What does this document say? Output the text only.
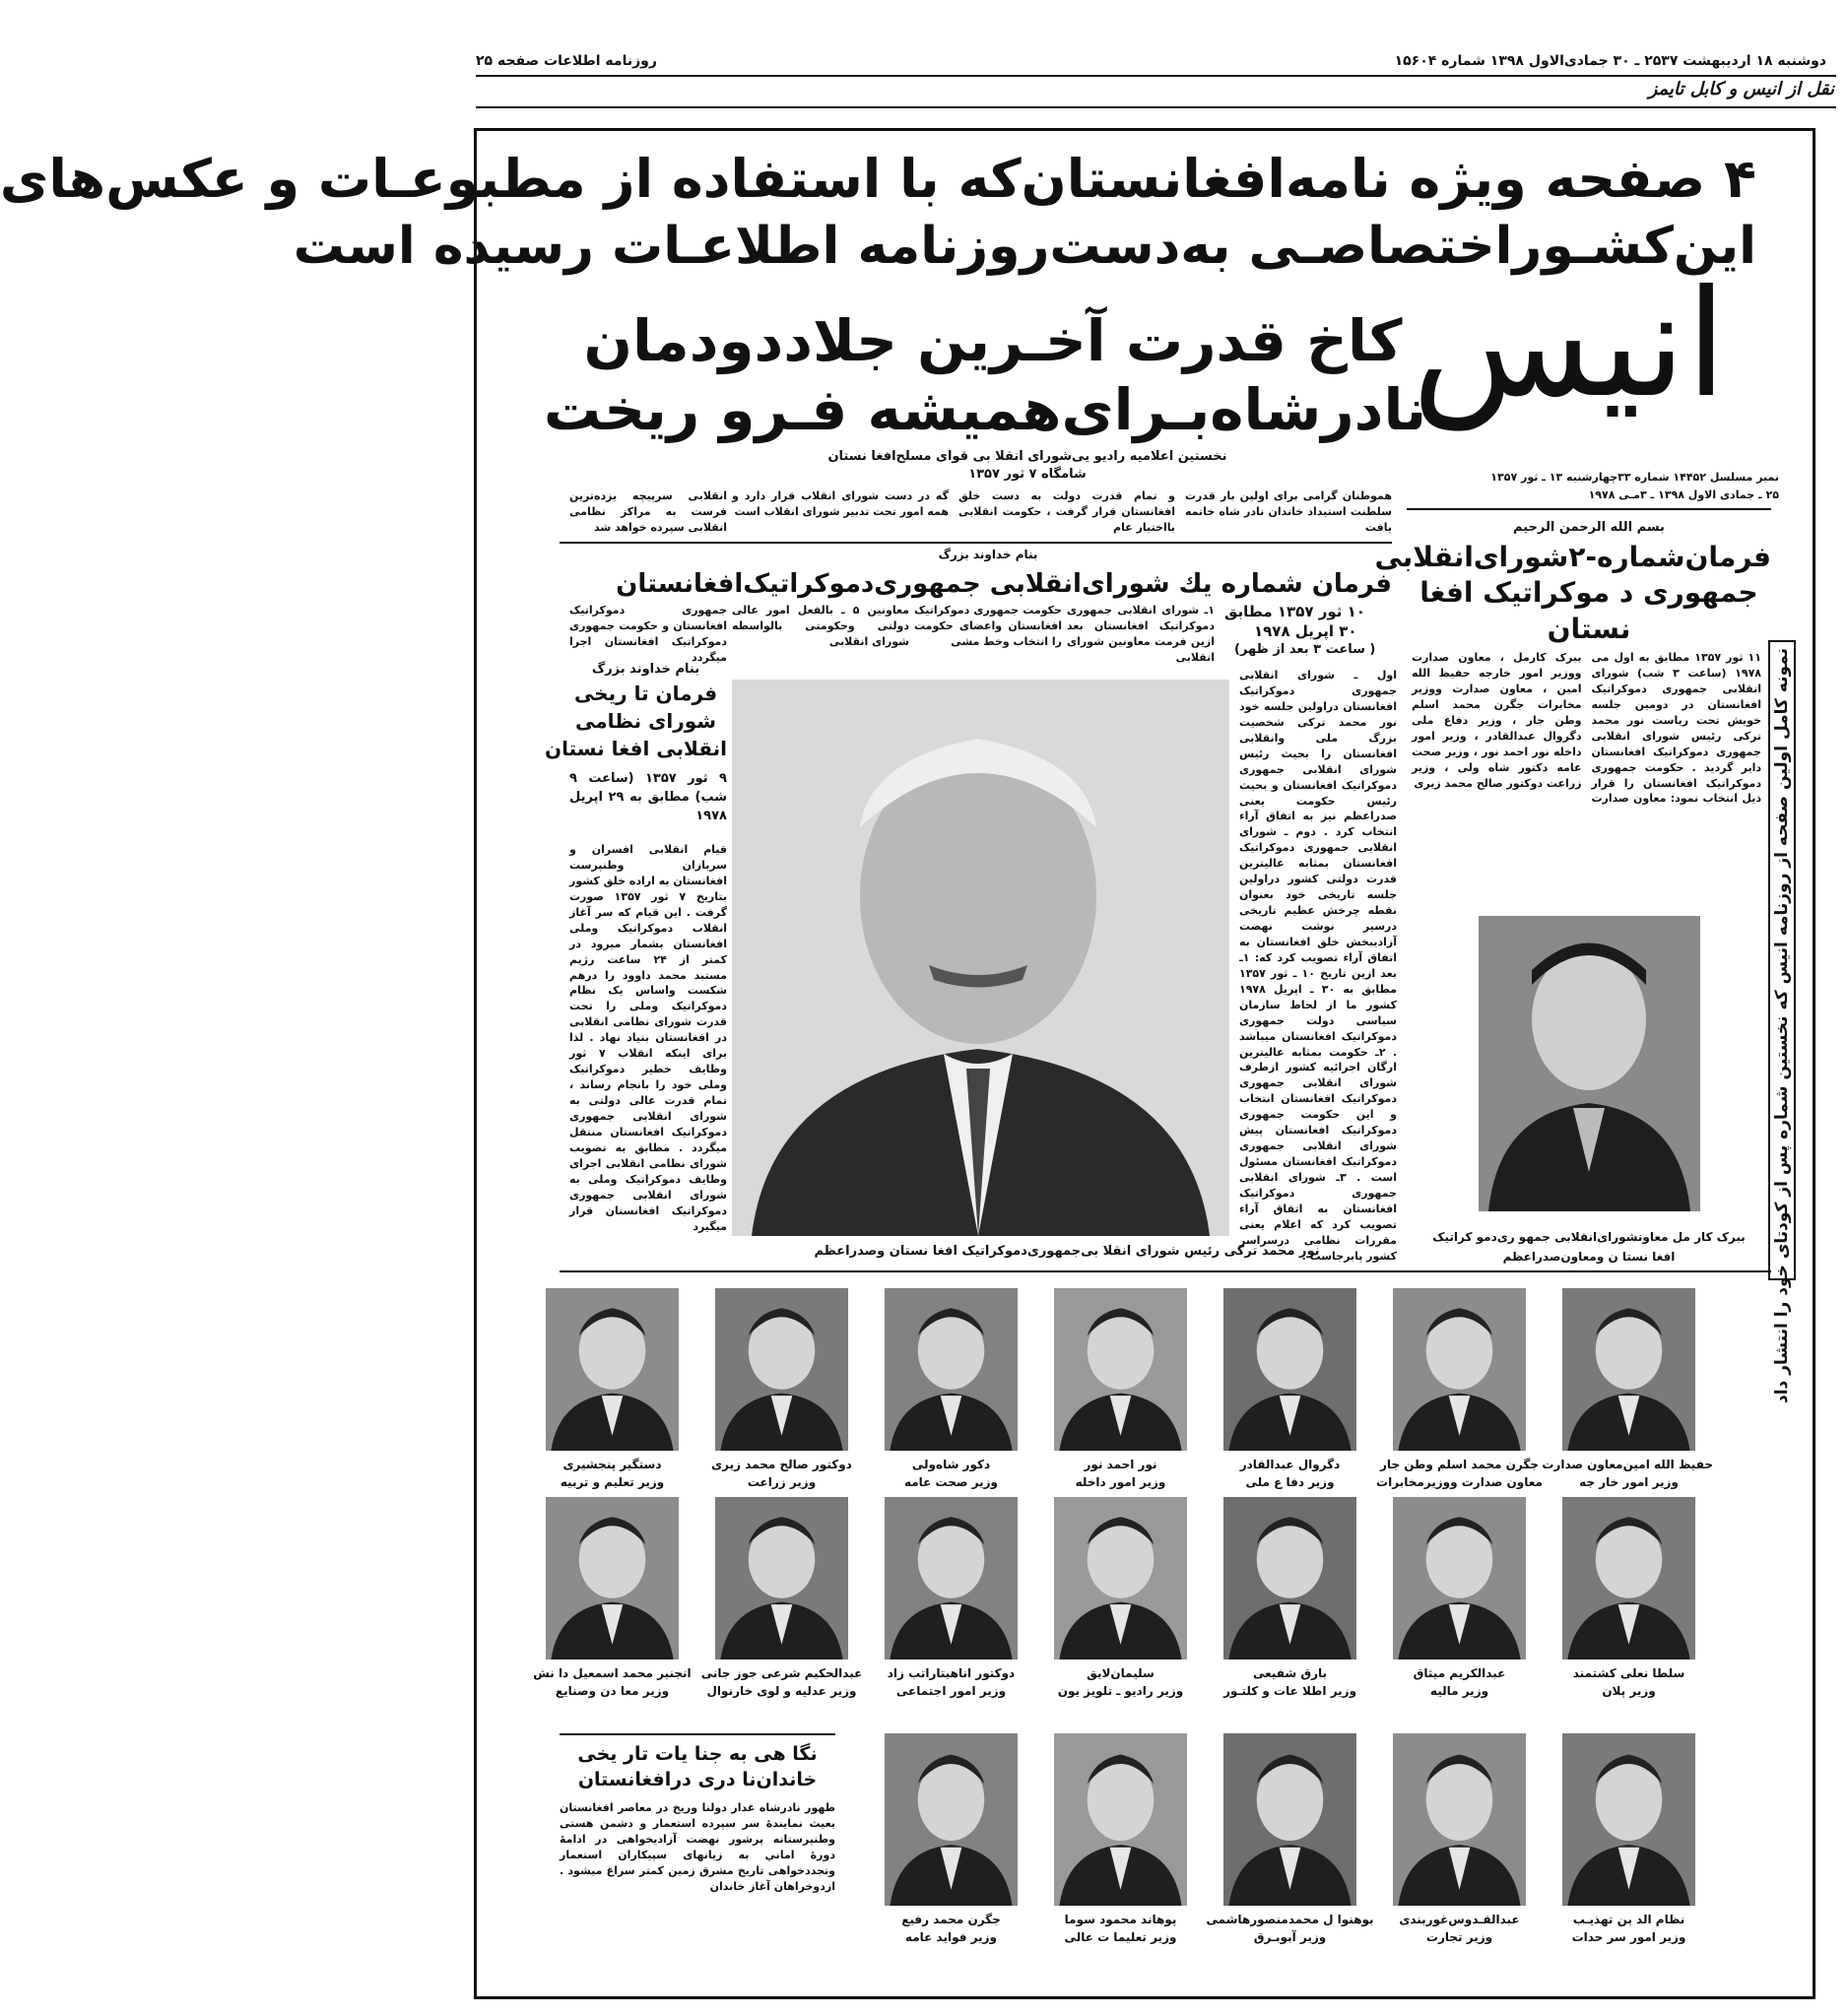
دوشنبه ۱۸ اردیبهشت ۲۵۳۷ ـ ۳۰ جمادی‌الاول ۱۳۹۸ شماره ۱۵۶۰۴
روزنامه اطلاعات صفحه ۲۵
نقل از انیس و کابل تایمز
۴ صفحه ویژه نامه‌افغانستان‌که با استفاده از مطبوعـات و عکس‌های
این‌کشـورا‌ختصاصـی به‌دست‌روزنامه اطلاعـات رسیده است
انیس
نمبر مسلسل ۱۴۴۵۲ شماره ۳۳چهارشنبه ۱۳ ـ ثور ۱۳۵۷
۲۵ ـ جمادی الاول ۱۳۹۸ ـ ۳مـی ۱۹۷۸
کاخ قدرت آخـرین جلاددودمان
نادرشاه‌بـرای‌همیشه فـرو ریخت
نخستین اعلامیه رادیو یی‌شورای انقلا بی قوای مسلح‌افغا نستان
شامگاه ۷ ثور ۱۳۵۷
هموطنان گرامی برای اولین بار قدرت سلطنت استبداد خاندان نادر شاه خاتمه یافت
و تمام قدرت دولت به دست خلق افغانستان قرار گرفت ، حکومت انقلابی بااختیار عام
گه در دست شورای انقلاب قرار دارد و همه امور تحت تدبیر شورای انقلاب است
انقلابی سرپیچه یزده‌ترین فرست به مراکز نظامی انقلابی سپرده خواهد شد	بسم الله الرحمن الرحیم
فرمان‌شماره-۲شورای‌انقلابی جمهوری د موکراتیک افغا نستان
۱۱ ثور ۱۳۵۷ مطابق به اول می ۱۹۷۸ (ساعت ۳ شب) شورای انقلابی جمهوری دموکراتیک افغانستان در دومین جلسه خویش تحت ریاست نور محمد ترکی رئیس شورای انقلابی جمهوری دموکراتیک افغانستان دایر گردید . حکومت جمهوری دموکراتیک افغانستان را قرار ذیل انتخاب نمود: معاون صدارت ببرک کارمل ، معاون صدارت ووزیر امور خارجه حفیظ الله امین ، معاون صدارت ووزیر مخابرات جگرن محمد اسلم وطن جار ، وزیر دفاع ملی دگروال عبدالقادر ، وزیر امور داخله نور احمد نور ، وزیر صحت عامه دکتور شاه ولی ، وزیر زراعت دوکتور صالح محمد زیری
ببرک کار مل معاونشورای‌انقلابی جمهو ری‌دمو کراتیک
افغا نستا ن ومعاون‌صدراعظم	نمونه کامل اولین صفحه از روزنامه انیس که نخستین شماره پس از کودتای خود را انتشار داد
بنام خداوند بزرگ
فرمان شماره یك شورای‌انقلابی جمهوری‌دموکراتیک‌افغانستان
۱۰ ثور ۱۳۵۷ مطابق
۳۰ اپریل ۱۹۷۸
( ساعت ۳ بعد از ظهر)
۱ـ شورای انقلابی جمهوری دموکراتیک افغانستان بعد ازین فرمت معاونین شورای انقلابی
حکومت جمهوری دموکراتیک افغانستان واعضای حکومت را انتخاب وخط مشی
معاونین ۵ ـ بالفعل امور عالی دولتی وحکومتی بالواسطه شورای انقلابی
اول ـ شورای انقلابی جمهوری دموکراتیک افغانستان دراولین جلسه خود نور محمد ترکی شخصیت بزرگ ملی وانقلابی افغانستان را بحیث رئیس شورای انقلابی جمهوری دموکراتیک افغانستان و بحیث رئیس حکومت یعنی صدراعظم نیز به اتفاق آراء انتخاب کرد . دوم ـ شورای انقلابی جمهوری دموکراتیک افغانستان بمثابه عالیترین قدرت دولتی کشور دراولین جلسه تاریخی خود بعنوان نقطه چرخش عظیم تاریخی درسیر نوشت نهضت آزادیبخش خلق افغانستان به اتفاق آراء تصویب کرد که: ۱ـ بعد ازین تاریخ ۱۰ ـ ثور ۱۳۵۷ مطابق به ۳۰ ـ اپریل ۱۹۷۸ کشور ما از لحاظ سازمان سیاسی دولت جمهوری دموکراتیک افغانستان میباشد . ۲ـ حکومت بمثابه عالیترین ارگان اجرائیه کشور ازطرف شورای انقلابی جمهوری دموکراتیک افغانستان انتخاب و این حکومت جمهوری دموکراتیک افغانستان پیش شورای انقلابی جمهوری دموکراتیک افغانستان مسئول است . ۳ـ شورای انقلابی جمهوری دموکراتیک افغانستان به اتفاق آراء تصویب کرد که اعلام یعنی مقررات نظامی درسراسر کشور پابرجاست .
نور محمد ترکی رئیس شورای انقلا بی‌جمهوری‌دموکراتیک افغا نستان وصدراعظم
جمهوری دموکراتیک افغانستان و حکومت جمهوری دموکراتیک افغانستان اجرا میگردد
بنام خداوند بزرگ
فرمان تا ریخی
شورای نظامی
انقلابی افغا نستان
۹ ثور ۱۳۵۷ (ساعت ۹ شب) مطابق به ۲۹ اپریل ۱۹۷۸
قیام انقلابی افسران و سربازان وطنپرست افغانستان به اراده خلق کشور بتاریخ ۷ ثور ۱۳۵۷ صورت گرفت . این قیام که سر آغاز انقلاب دموکراتیک وملی افغانستان بشمار میرود در کمتر از ۲۴ ساعت رژیم مستبد محمد داوود را درهم شکست واساس یک نظام دموکراتیک وملی را تحت قدرت شورای نظامی انقلابی در افغانستان بنیاد نهاد . لذا برای اینکه انقلاب ۷ ثور وظایف خطیر دموکراتیک وملی خود را بانجام رساند ، تمام قدرت عالی دولتی به شورای انقلابی جمهوری دموکراتیک افغانستان منتقل میگردد . مطابق به تصویب شورای نظامی انقلابی اجرای وظایف دموکراتیک وملی به شورای انقلابی جمهوری دموکراتیک افغانستان قرار میگیرد
حفیظ الله امین‌معاون صدارت
وزیر امور خار جه
جگرن محمد اسلم وطن جار
معاون صدارت ووزیرمخابرات
دگروال عبدالقادر
وزیر دفا ع ملی
نور احمد نور
وزیر امور داخله
دکور شاه‌ولی
وزیر صحت عامه
دوکتور صالح محمد زیری
وزیر زراعت
دستگیر پنجشیری
وزیر تعلیم و تربیه
سلطا نعلی کشتمند
وزیر پلان
عبدالکریم میثاق
وزیر مالیه
بارق شفیعی
وزیر اطلا عات و کلتـور
سلیمان‌لایق
وزیر رادیو ـ تلویز یون
دوکتور اناهیتاراتب زاد
وزیر امور اجتماعی
عبدالحکیم شرعی جوز جانی
وزیر عدلیه و لوی خارنوال
انجنیر محمد اسمعیل دا نش
وزیر معا دن وصنایع
نظام الد ین تهذیـب
وزیر امور سر حدات
عبدالقـدوس‌غوربندی
وزیر تجارت
بوهنوا ل محمدمنصورهاشمی
وزیر آبوبـرق
پوهاند محمود سوما
وزیر تعلیما ت عالی
جگرن محمد رفیع
وزیر فواید عامه
نگا هی به جنا یات تار یخی
خاندان‌نا دری در‌افغانستان
ظهور نادرشاه غدار دولنا وریخ در معاصر افغانستان بعیث نمایندهٔ سر سپرده استعمار و دشمن هستی وطنپرستانه پرشور نهضت آزادیخواهی در ادامهٔ دورهٔ اماني به زیانهای سپیکاران استعمار وتجددخواهی تاریخ مشرق زمین کمتر سراغ میشود . ازدوخراهان آغاز خاندان
